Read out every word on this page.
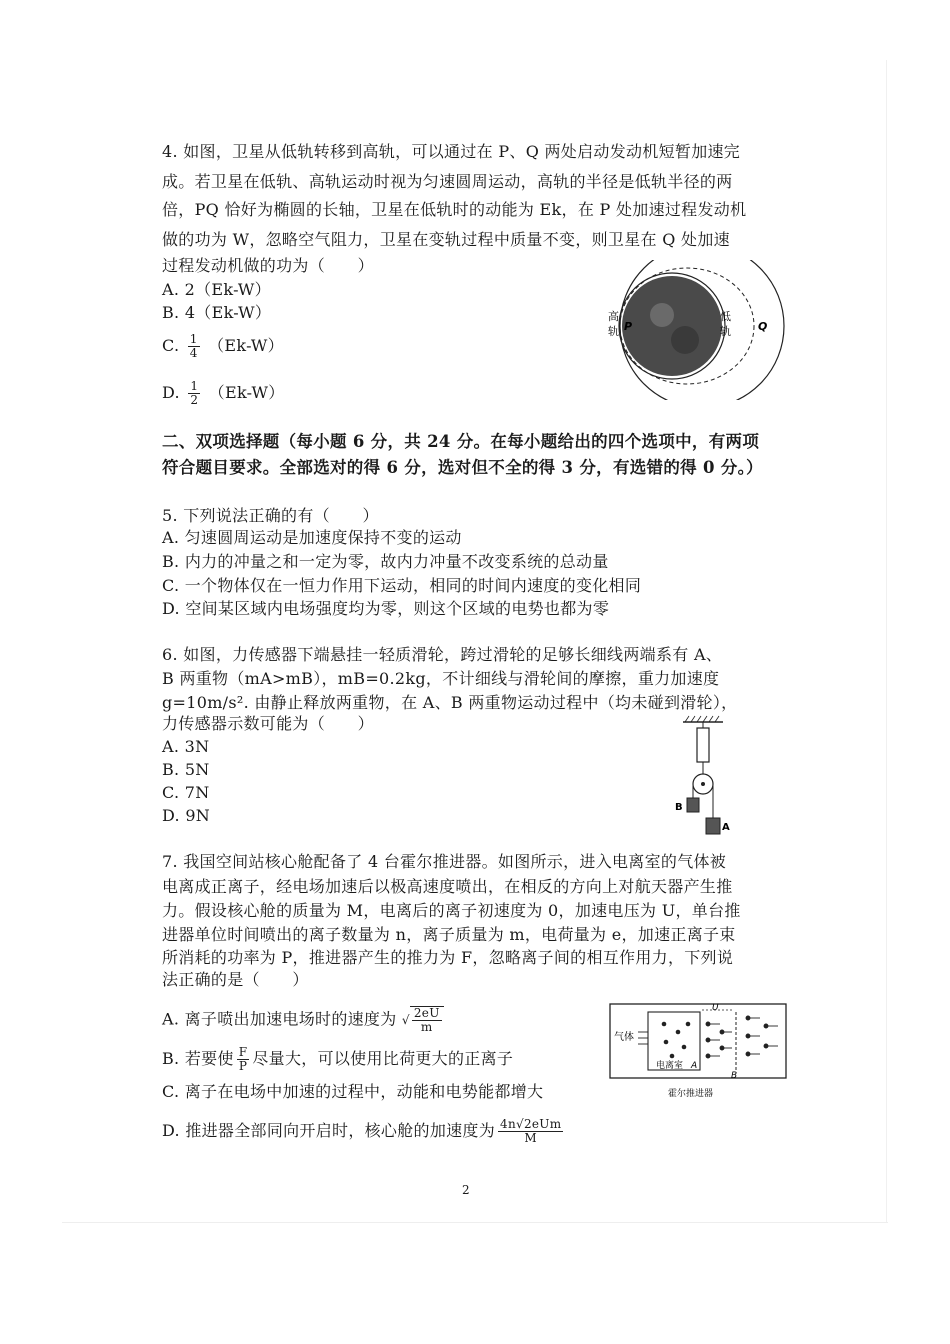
4. 如图，卫星从低轨转移到高轨，可以通过在 P、Q 两处启动发动机短暂加速完
成。若卫星在低轨、高轨运动时视为匀速圆周运动，高轨的半径是低轨半径的两
倍，PQ 恰好为椭圆的长轴，卫星在低轨时的动能为 Ek，在 P 处加速过程发动机
做的功为 W，忽略空气阻力，卫星在变轨过程中质量不变，则卫星在 Q 处加速
过程发动机做的功为（　　）
A. 2（Ek-W）
B. 4（Ek-W）
C. $\frac{1}{4} (Ek-W)$
D. $\frac{1}{2} (Ek-W)$
高
轨
低
轨
P	Q
二、双项选择题（每小题 6 分，共 24 分。在每小题给出的四个选项中，有两项
符合题目要求。全部选对的得 6 分，选对但不全的得 3 分，有选错的得 0 分。）
5. 下列说法正确的有（　　）
A. 匀速圆周运动是加速度保持不变的运动
B. 内力的冲量之和一定为零，故内力冲量不改变系统的总动量
C. 一个物体仅在一恒力作用下运动，相同的时间内速度的变化相同
D. 空间某区域内电场强度均为零，则这个区域的电势也都为零
6. 如图，力传感器下端悬挂一轻质滑轮，跨过滑轮的足够长细线两端系有 A、
B 两重物（mA>mB），mB=0.2kg，不计细线与滑轮间的摩擦，重力加速度
g=10m/s². 由静止释放两重物，在 A、B 两重物运动过程中（均未碰到滑轮），
力传感器示数可能为（　　）
A. 3N
B. 5N
C. 7N
D. 9N	B
A
7. 我国空间站核心舱配备了 4 台霍尔推进器。如图所示，进入电离室的气体被
电离成正离子，经电场加速后以极高速度喷出，在相反的方向上对航天器产生推
力。假设核心舱的质量为 M，电离后的离子初速度为 0，加速电压为 U，单台推
进器单位时间喷出的离子数量为 n，离子质量为 m，电荷量为 e，加速正离子束
所消耗的功率为 P，推进器产生的推力为 F，忽略离子间的相互作用力，下列说
法正确的是（　　）
A. 离子喷出加速电场时的速度为 √ $\frac{2eU}{m}$
B. 若要使 $\frac{F}{P}$ 尽量大，可以使用比荷更大的正离子
C. 离子在电场中加速的过程中，动能和电势能都增大
D. 推进器全部同向开启时，核心舱的加速度为 $\frac{\text{4n√2eUm}}{M}$
气体
U
电离室 A
B
霍尔推进器
2
